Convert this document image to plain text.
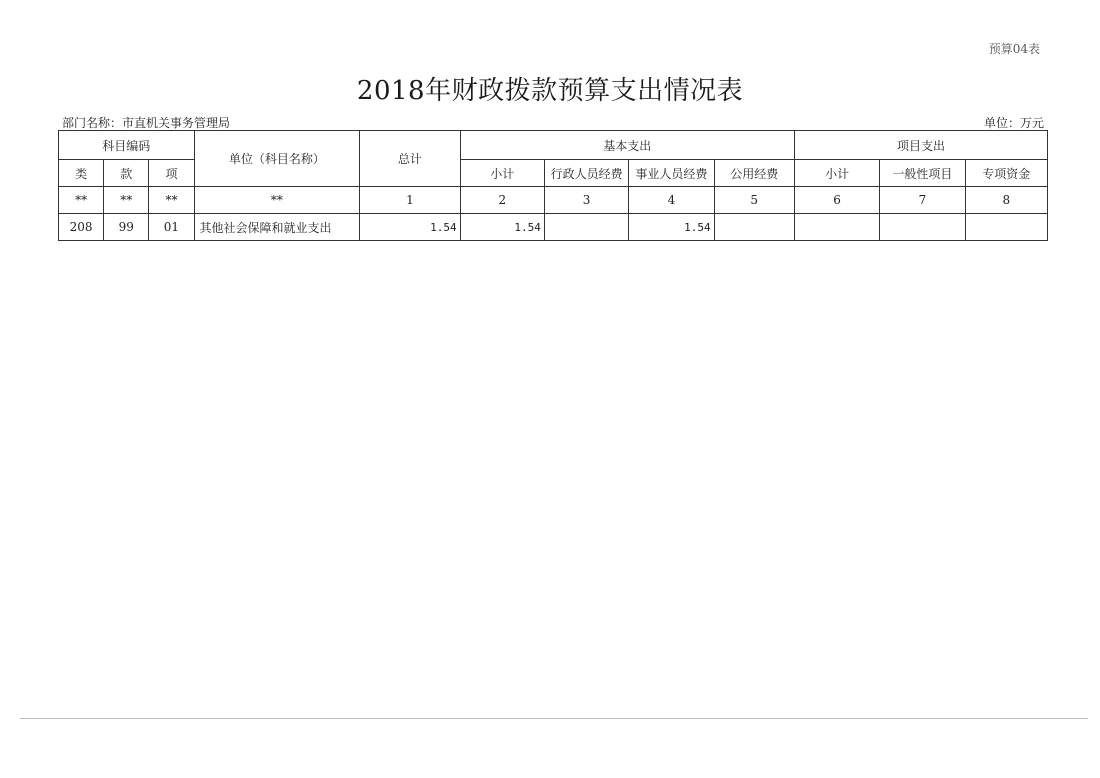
预算04表
2018年财政拨款预算支出情况表
部门名称：市直机关事务管理局	单位：万元
科目编码			单位（科目名称）	总计	基本支出				项目支出		
类	款	项			小计	行政人员经费	事业人员经费	公用经费	小计	一般性项目	专项资金
**	**	**	**	1	2	3	4	5	6	7	8
208	99	01	其他社会保障和就业支出	1.54	1.54		1.54				
